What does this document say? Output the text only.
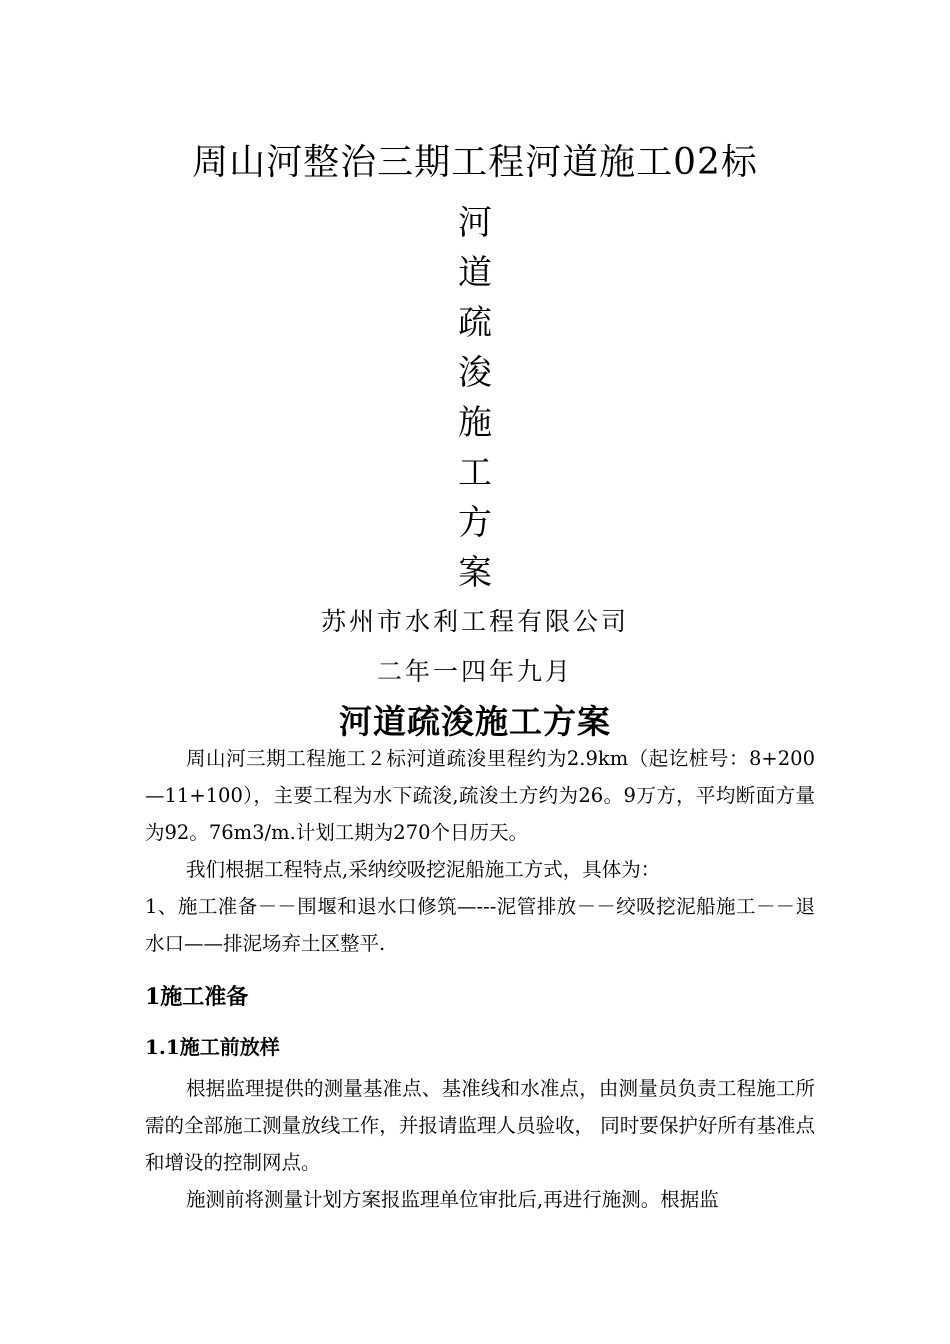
周山河整治三期工程河道施工02标
河
道
疏
浚
施
工
方
案
苏州市水利工程有限公司
二年一四年九月
河道疏浚施工方案

周山河三期工程施工２标河道疏浚里程约为2.9km（起讫桩号：8+200—11+100），主要工程为水下疏浚,疏浚土方约为26。9万方，平均断面方量为92。76m3/m.计划工期为270个日历天。

我们根据工程特点,采纳绞吸挖泥船施工方式，具体为：

1、施工准备－－围堰和退水口修筑—---泥管排放－－绞吸挖泥船施工－－退水口——排泥场弃土区整平.

1施工准备
1.1施工前放样

根据监理提供的测量基准点、基准线和水准点，由测量员负责工程施工所需的全部施工测量放线工作，并报请监理人员验收， 同时要保护好所有基准点和增设的控制网点。

施测前将测量计划方案报监理单位审批后,再进行施测。根据监
